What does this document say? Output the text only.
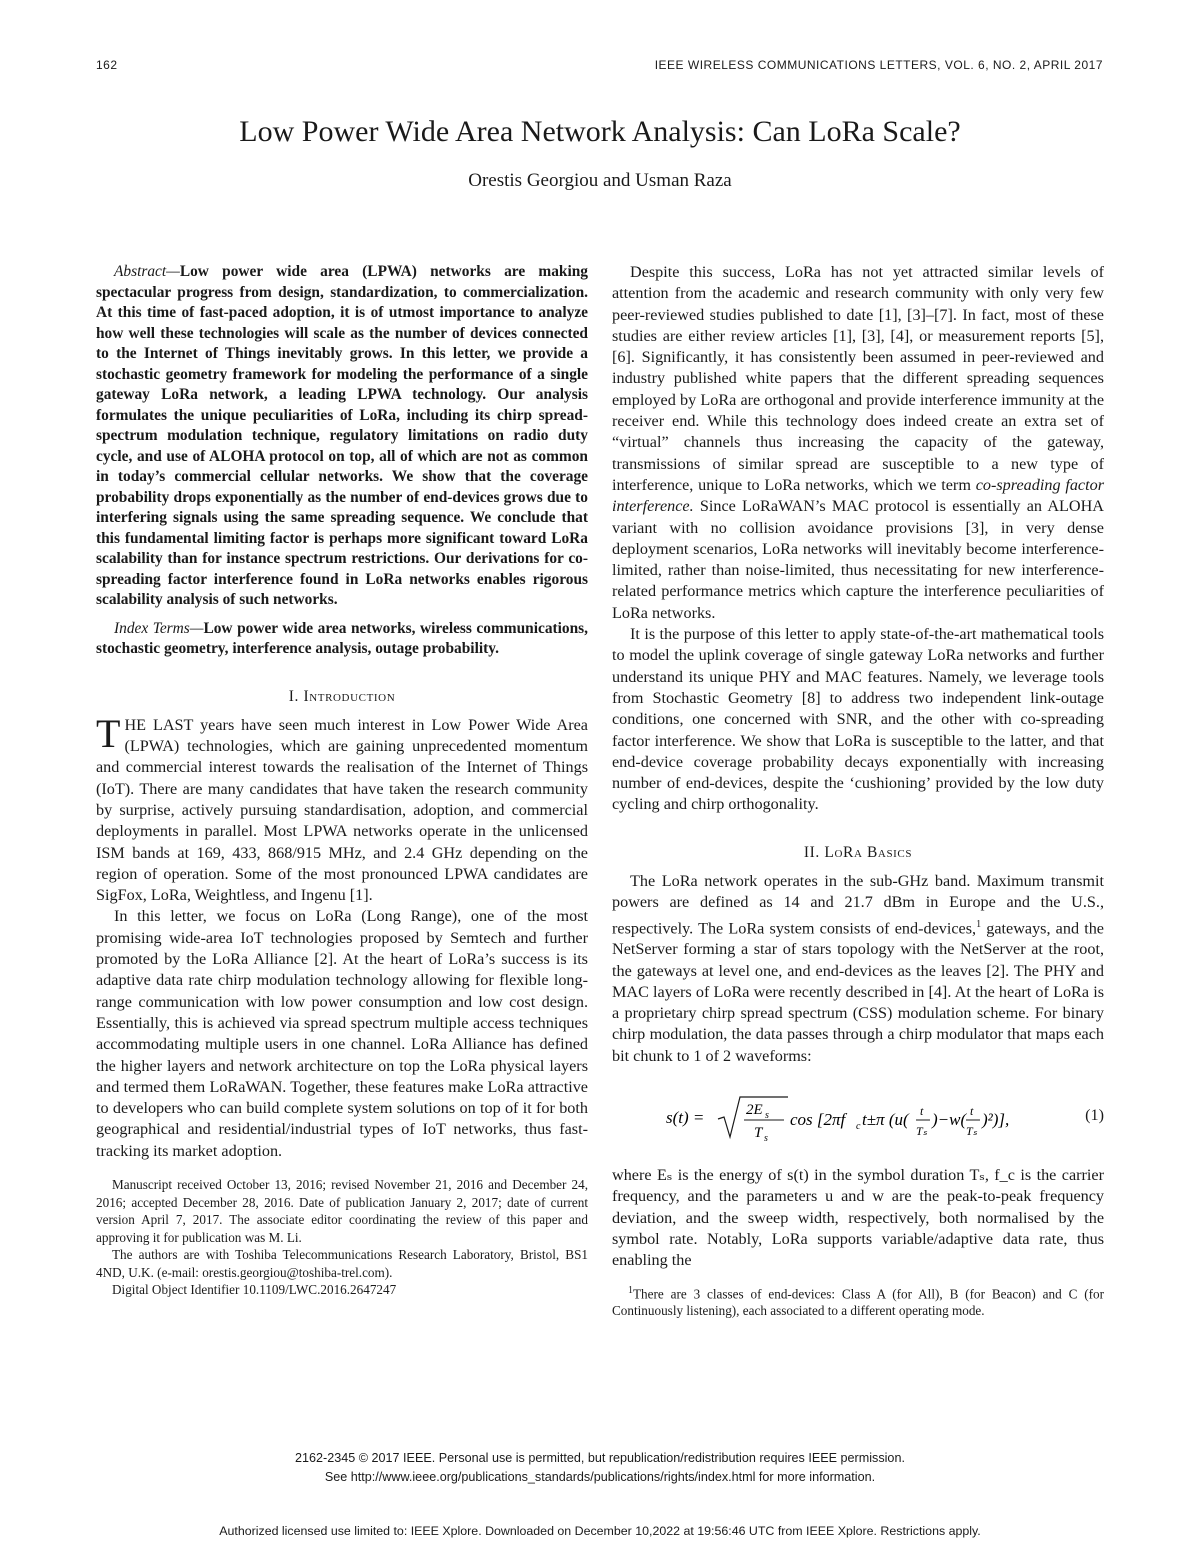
162	IEEE WIRELESS COMMUNICATIONS LETTERS, VOL. 6, NO. 2, APRIL 2017
Low Power Wide Area Network Analysis: Can LoRa Scale?
Orestis Georgiou and Usman Raza

Abstract—Low power wide area (LPWA) networks are making spectacular progress from design, standardization, to commercialization. At this time of fast-paced adoption, it is of utmost importance to analyze how well these technologies will scale as the number of devices connected to the Internet of Things inevitably grows. In this letter, we provide a stochastic geometry framework for modeling the performance of a single gateway LoRa network, a leading LPWA technology. Our analysis formulates the unique peculiarities of LoRa, including its chirp spread-spectrum modulation technique, regulatory limitations on radio duty cycle, and use of ALOHA protocol on top, all of which are not as common in today’s commercial cellular networks. We show that the coverage probability drops exponentially as the number of end-devices grows due to interfering signals using the same spreading sequence. We conclude that this fundamental limiting factor is perhaps more significant toward LoRa scalability than for instance spectrum restrictions. Our derivations for co-spreading factor interference found in LoRa networks enables rigorous scalability analysis of such networks.

Index Terms—Low power wide area networks, wireless communications, stochastic geometry, interference analysis, outage probability.

I. Introduction

THE LAST years have seen much interest in Low Power Wide Area (LPWA) technologies, which are gaining unprecedented momentum and commercial interest towards the realisation of the Internet of Things (IoT). There are many candidates that have taken the research community by surprise, actively pursuing standardisation, adoption, and commercial deployments in parallel. Most LPWA networks operate in the unlicensed ISM bands at 169, 433, 868/915 MHz, and 2.4 GHz depending on the region of operation. Some of the most pronounced LPWA candidates are SigFox, LoRa, Weightless, and Ingenu [1].

In this letter, we focus on LoRa (Long Range), one of the most promising wide-area IoT technologies proposed by Semtech and further promoted by the LoRa Alliance [2]. At the heart of LoRa’s success is its adaptive data rate chirp modulation technology allowing for flexible long-range communication with low power consumption and low cost design. Essentially, this is achieved via spread spectrum multiple access techniques accommodating multiple users in one channel. LoRa Alliance has defined the higher layers and network architecture on top the LoRa physical layers and termed them LoRaWAN. Together, these features make LoRa attractive to developers who can build complete system solutions on top of it for both geographical and residential/industrial types of IoT networks, thus fast-tracking its market adoption.

Manuscript received October 13, 2016; revised November 21, 2016 and December 24, 2016; accepted December 28, 2016. Date of publication January 2, 2017; date of current version April 7, 2017. The associate editor coordinating the review of this paper and approving it for publication was M. Li.

The authors are with Toshiba Telecommunications Research Laboratory, Bristol, BS1 4ND, U.K. (e-mail: orestis.georgiou@toshiba-trel.com).

Digital Object Identifier 10.1109/LWC.2016.2647247

Despite this success, LoRa has not yet attracted similar levels of attention from the academic and research community with only very few peer-reviewed studies published to date [1], [3]–[7]. In fact, most of these studies are either review articles [1], [3], [4], or measurement reports [5], [6]. Significantly, it has consistently been assumed in peer-reviewed and industry published white papers that the different spreading sequences employed by LoRa are orthogonal and provide interference immunity at the receiver end. While this technology does indeed create an extra set of “virtual” channels thus increasing the capacity of the gateway, transmissions of similar spread are susceptible to a new type of interference, unique to LoRa networks, which we term co-spreading factor interference. Since LoRaWAN’s MAC protocol is essentially an ALOHA variant with no collision avoidance provisions [3], in very dense deployment scenarios, LoRa networks will inevitably become interference-limited, rather than noise-limited, thus necessitating for new interference-related performance metrics which capture the interference peculiarities of LoRa networks.

It is the purpose of this letter to apply state-of-the-art mathematical tools to model the uplink coverage of single gateway LoRa networks and further understand its unique PHY and MAC features. Namely, we leverage tools from Stochastic Geometry [8] to address two independent link-outage conditions, one concerned with SNR, and the other with co-spreading factor interference. We show that LoRa is susceptible to the latter, and that end-device coverage probability decays exponentially with increasing number of end-devices, despite the ‘cushioning’ provided by the low duty cycling and chirp orthogonality.

II. LoRa Basics

The LoRa network operates in the sub-GHz band. Maximum transmit powers are defined as 14 and 21.7 dBm in Europe and the U.S., respectively. The LoRa system consists of end-devices,$^1$ gateways, and the NetServer forming a star of stars topology with the NetServer at the root, the gateways at level one, and end-devices as the leaves [2]. The PHY and MAC layers of LoRa were recently described in [4]. At the heart of LoRa is a proprietary chirp spread spectrum (CSS) modulation scheme. For binary chirp modulation, the data passes through a chirp modulator that maps each bit chunk to 1 of 2 waveforms:

s(t) =	2E s
T s
cos [2πf c t±π (u( t
Tₛ
)−w( t
Tₛ
)²)],	(1)

where Eₛ is the energy of s(t) in the symbol duration Tₛ, f_c is the carrier frequency, and the parameters u and w are the peak-to-peak frequency deviation, and the sweep width, respectively, both normalised by the symbol rate. Notably, LoRa supports variable/adaptive data rate, thus enabling the

$^1$There are 3 classes of end-devices: Class A (for All), B (for Beacon) and C (for Continuously listening), each associated to a different operating mode.

2162-2345 © 2017 IEEE. Personal use is permitted, but republication/redistribution requires IEEE permission.
See http://www.ieee.org/publications_standards/publications/rights/index.html for more information.
Authorized licensed use limited to: IEEE Xplore. Downloaded on December 10,2022 at 19:56:46 UTC from IEEE Xplore. Restrictions apply.
